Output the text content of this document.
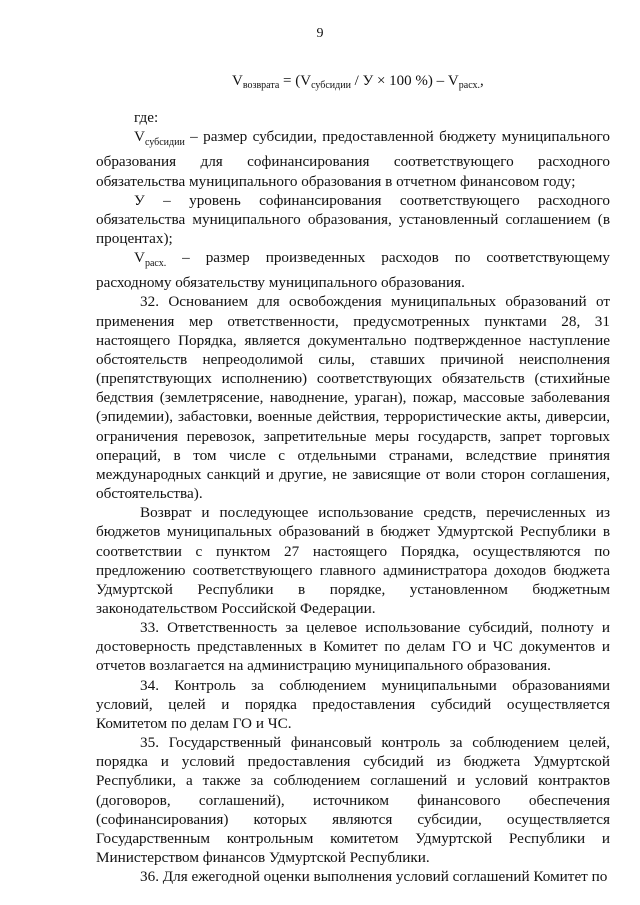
9
$V_{возврата} = (V_{субсидии} / У \times 100$ %) – $V_{расх.}$,

где:

$V_{субсидии}$ – размер субсидии, предоставленной бюджету муниципального образования для софинансирования соответствующего расходного обязательства муниципального образования в отчетном финансовом году;

У – уровень софинансирования соответствующего расходного обязательства муниципального образования, установленный соглашением (в процентах);

$V_{расх.}$ – размер произведенных расходов по соответствующему расходному обязательству муниципального образования.

32. Основанием для освобождения муниципальных образований от применения мер ответственности, предусмотренных пунктами 28, 31 настоящего Порядка, является документально подтвержденное наступление обстоятельств непреодолимой силы, ставших причиной неисполнения (препятствующих исполнению) соответствующих обязательств (стихийные бедствия (землетрясение, наводнение, ураган), пожар, массовые заболевания (эпидемии), забастовки, военные действия, террористические акты, диверсии, ограничения перевозок, запретительные меры государств, запрет торговых операций, в том числе с отдельными странами, вследствие принятия международных санкций и другие, не зависящие от воли сторон соглашения, обстоятельства).

Возврат и последующее использование средств, перечисленных из бюджетов муниципальных образований в бюджет Удмуртской Республики в соответствии с пунктом 27 настоящего Порядка, осуществляются по предложению соответствующего главного администратора доходов бюджета Удмуртской Республики в порядке, установленном бюджетным законодательством Российской Федерации.

33. Ответственность за целевое использование субсидий, полноту и достоверность представленных в Комитет по делам ГО и ЧС документов и отчетов возлагается на администрацию муниципального образования.

34. Контроль за соблюдением муниципальными образованиями условий, целей и порядка предоставления субсидий осуществляется Комитетом по делам ГО и ЧС.

35. Государственный финансовый контроль за соблюдением целей, порядка и условий предоставления субсидий из бюджета Удмуртской Республики, а также за соблюдением соглашений и условий контрактов (договоров, соглашений), источником финансового обеспечения (софинансирования) которых являются субсидии, осуществляется Государственным контрольным комитетом Удмуртской Республики и Министерством финансов Удмуртской Республики.

36. Для ежегодной оценки выполнения условий соглашений Комитет по
